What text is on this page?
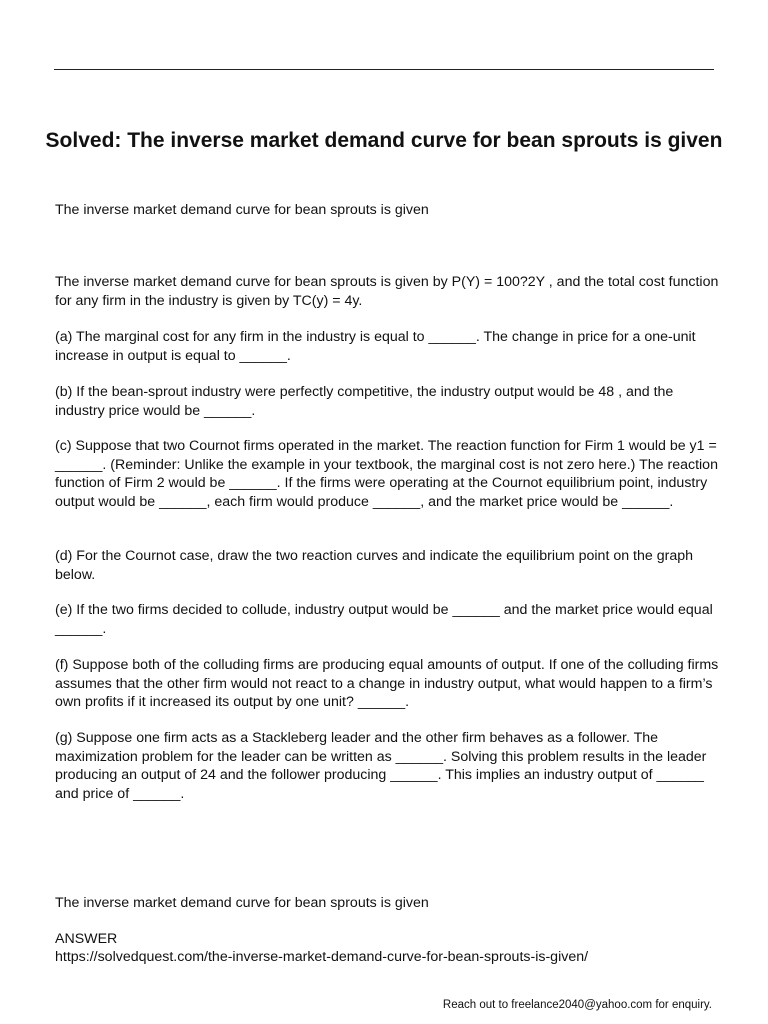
Solved: The inverse market demand curve for bean sprouts is given

The inverse market demand curve for bean sprouts is given

The inverse market demand curve for bean sprouts is given by P(Y) = 100?2Y , and the total cost function for any firm in the industry is given by TC(y) = 4y.

(a) The marginal cost for any firm in the industry is equal to ______. The change in price for a one-unit increase in output is equal to ______.

(b) If the bean-sprout industry were perfectly competitive, the industry output would be 48 , and the industry price would be ______.

(c) Suppose that two Cournot firms operated in the market. The reaction function for Firm 1 would be y1 = ______. (Reminder: Unlike the example in your textbook, the marginal cost is not zero here.) The reaction function of Firm 2 would be ______. If the firms were operating at the Cournot equilibrium point, industry output would be ______, each firm would produce ______, and the market price would be ______.

(d) For the Cournot case, draw the two reaction curves and indicate the equilibrium point on the graph below.

(e) If the two firms decided to collude, industry output would be ______ and the market price would equal ______.

(f) Suppose both of the colluding firms are producing equal amounts of output. If one of the colluding firms assumes that the other firm would not react to a change in industry output, what would happen to a firm’s own profits if it increased its output by one unit? ______.

(g) Suppose one firm acts as a Stackleberg leader and the other firm behaves as a follower. The maximization problem for the leader can be written as ______. Solving this problem results in the leader producing an output of 24 and the follower producing ______. This implies an industry output of ______ and price of ______.

The inverse market demand curve for bean sprouts is given

ANSWER

https://solvedquest.com/the-inverse-market-demand-curve-for-bean-sprouts-is-given/

Reach out to freelance2040@yahoo.com for enquiry.
